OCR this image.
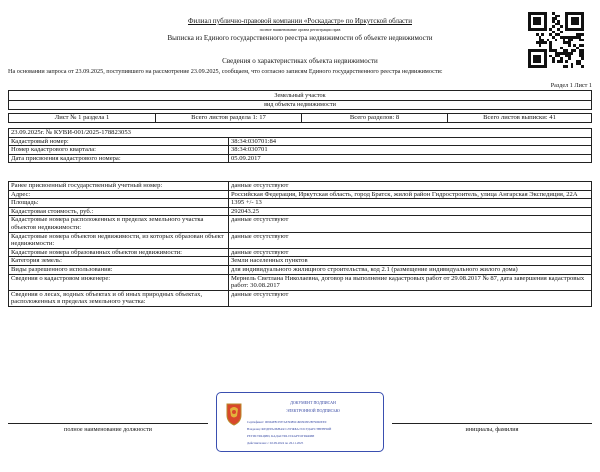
Филиал публично-правовой компании «Роскадастр» по Иркутской области
полное наименование органа регистрации прав
Выписка из Единого государственного реестра недвижимости об объекте недвижимости
Сведения о характеристиках объекта недвижимости
На основании запроса от 23.09.2025, поступившего на рассмотрение 23.09.2025, сообщаем, что согласно записям Единого государственного реестра недвижимости:
Раздел 1 Лист 1
Земельный участок
вид объекта недвижимости
Лист № 1 раздела 1	Всего листов раздела 1: 17	Всего разделов: 8	Всего листов выписки: 41
23.09.2025г. № КУВИ-001/2025-178823053
Кадастровый номер:	38:34:030701:84
Номер кадастрового квартала:	38:34:030701
Дата присвоения кадастрового номера:	05.09.2017
Ранее присвоенный государственный учетный номер:	данные отсутствуют
Адрес:	Российская Федерация, Иркутская область, город Братск, жилой район Гидростроитель, улица Ангарская Экспедиция, 22А
Площадь:	1395 +/- 13
Кадастровая стоимость, руб.:	292043.25
Кадастровые номера расположенных в пределах земельного участка объектов недвижимости:
данные отсутствуют
Кадастровые номера объектов недвижимости, из которых образован объект недвижимости:
данные отсутствуют
Кадастровые номера образованных объектов недвижимости:	данные отсутствуют
Категория земель:	Земли населенных пунктов
Виды разрешенного использования:	для индивидуального жилищного строительства, код 2.1 (размещение индивидуального жилого дома)
Сведения о кадастровом инженере:	Мернель Светлана Николаевна, договор на выполнение кадастровых работ от 29.08.2017 № 87, дата завершения кадастровых работ: 30.08.2017
Сведения о лесах, водных объектах и об иных природных объектах, расположенных в пределах земельного участка:
данные отсутствуют
полное наименование должности	инициалы, фамилия
ДОКУМЕНТ ПОДПИСАН
ЭЛЕКТРОННОЙ ПОДПИСЬЮ
Сертификат: 00964F8CE87AE5D89C4993D3E2B79060EE0
Владелец: ФЕДЕРАЛЬНАЯ СЛУЖБА ГОСУДАРСТВЕННОЙ
РЕГИСТРАЦИИ, КАДАСТРА И КАРТОГРАФИИ
Действителен: с 02.09.2024 по 26.11.2025
